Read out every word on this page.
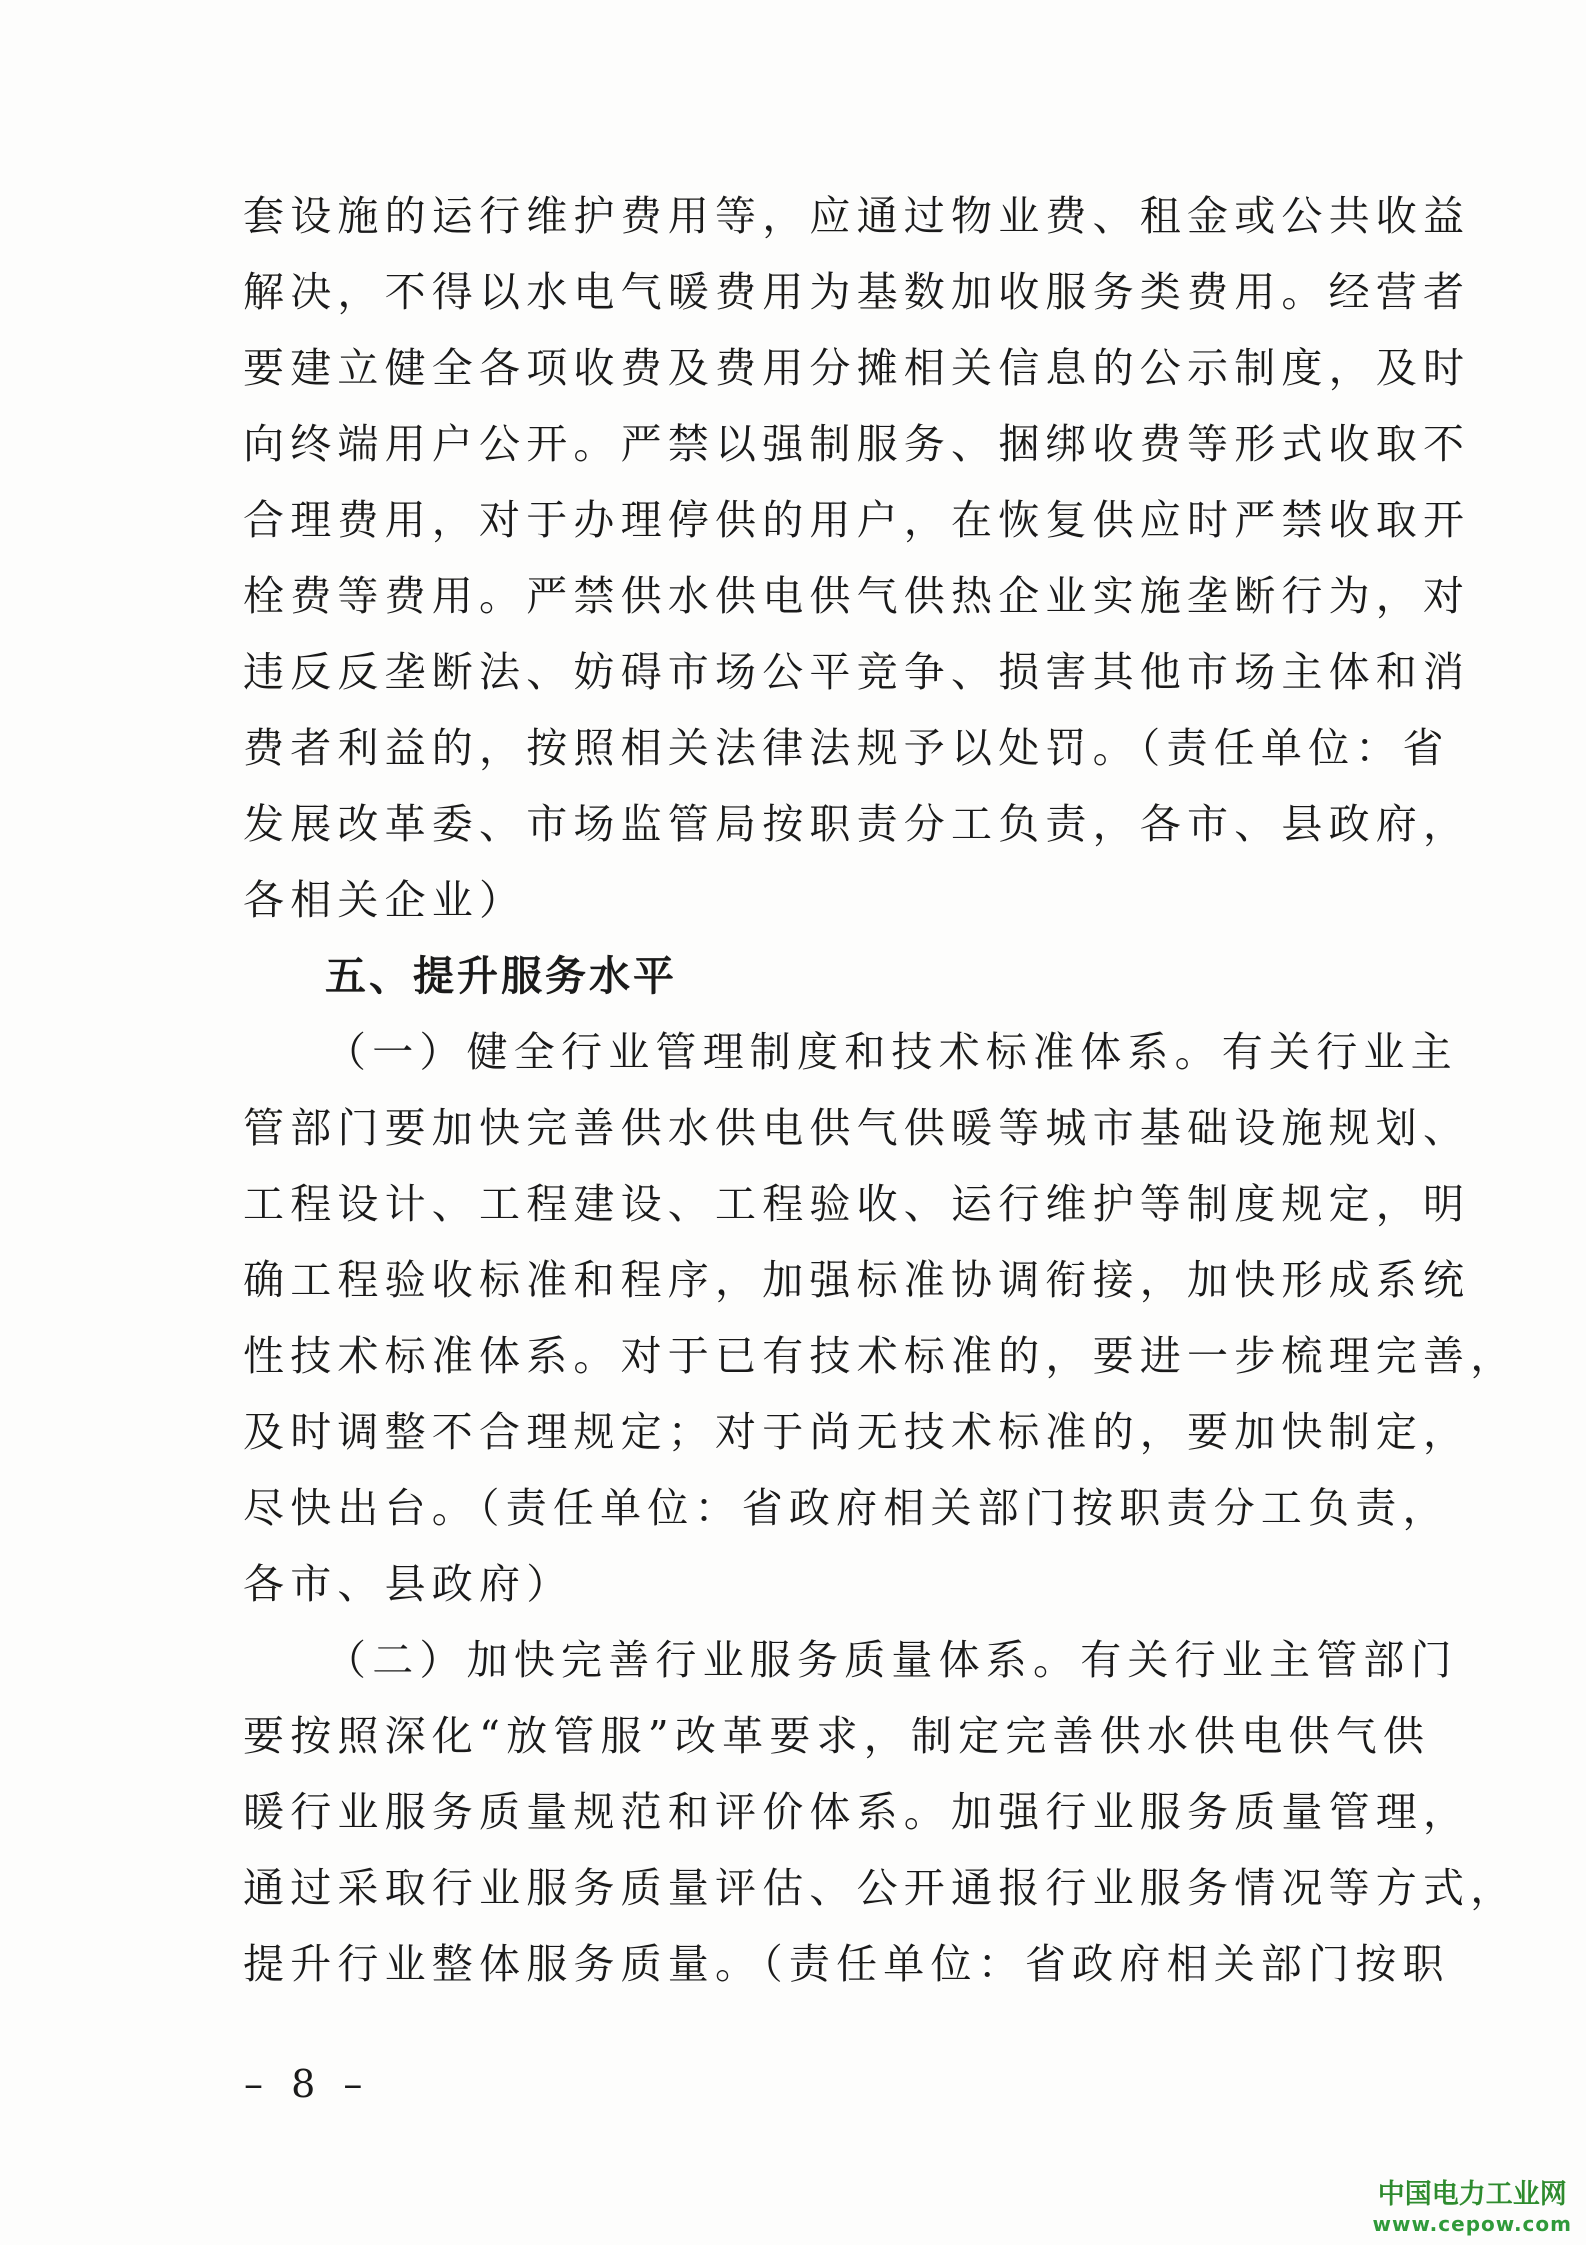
套设施的运行维护费用等，应通过物业费、租金或公共收益
解决，不得以水电气暖费用为基数加收服务类费用。经营者
要建立健全各项收费及费用分摊相关信息的公示制度，及时
向终端用户公开。严禁以强制服务、捆绑收费等形式收取不
合理费用，对于办理停供的用户，在恢复供应时严禁收取开
栓费等费用。严禁供水供电供气供热企业实施垄断行为，对
违反反垄断法、妨碍市场公平竞争、损害其他市场主体和消
费者利益的，按照相关法律法规予以处罚。（责任单位：省
发展改革委、市场监管局按职责分工负责，各市、县政府，
各相关企业）
五、提升服务水平
（一）健全行业管理制度和技术标准体系。有关行业主
管部门要加快完善供水供电供气供暖等城市基础设施规划、
工程设计、工程建设、工程验收、运行维护等制度规定，明
确工程验收标准和程序，加强标准协调衔接，加快形成系统
性技术标准体系。对于已有技术标准的，要进一步梳理完善，
及时调整不合理规定；对于尚无技术标准的，要加快制定，
尽快出台。（责任单位：省政府相关部门按职责分工负责，
各市、县政府）
（二）加快完善行业服务质量体系。有关行业主管部门
要按照深化“放管服”改革要求，制定完善供水供电供气供
暖行业服务质量规范和评价体系。加强行业服务质量管理，
通过采取行业服务质量评估、公开通报行业服务情况等方式，
提升行业整体服务质量。（责任单位：省政府相关部门按职
– 8 –
中国电力工业网
www.cepow.com
